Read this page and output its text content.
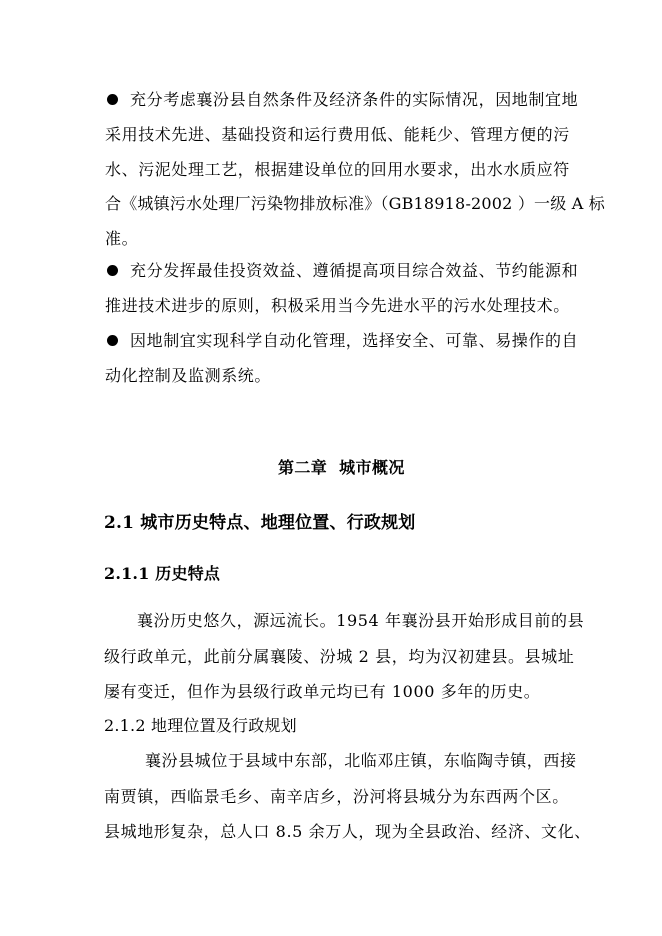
充分考虑襄汾县自然条件及经济条件的实际情况，因地制宜地
采用技术先进、基础投资和运行费用低、能耗少、管理方便的污
水、污泥处理工艺，根据建设单位的回用水要求，出水水质应符
合《城镇污水处理厂污染物排放标准》（GB18918-2002 ）一级 A 标
准。
充分发挥最佳投资效益、遵循提高项目综合效益、节约能源和
推进技术进步的原则，积极采用当今先进水平的污水处理技术。
因地制宜实现科学自动化管理，选择安全、可靠、易操作的自
动化控制及监测系统。
第二章  城市概况
2.1 城市历史特点、地理位置、行政规划
2.1.1 历史特点
襄汾历史悠久，源远流长。1954 年襄汾县开始形成目前的县
级行政单元，此前分属襄陵、汾城 2 县，均为汉初建县。县城址
屡有变迁，但作为县级行政单元均已有 1000 多年的历史。
2.1.2 地理位置及行政规划
襄汾县城位于县域中东部，北临邓庄镇，东临陶寺镇，西接
南贾镇，西临景毛乡、南辛店乡，汾河将县城分为东西两个区。
县城地形复杂，总人口 8.5 余万人，现为全县政治、经济、文化、
